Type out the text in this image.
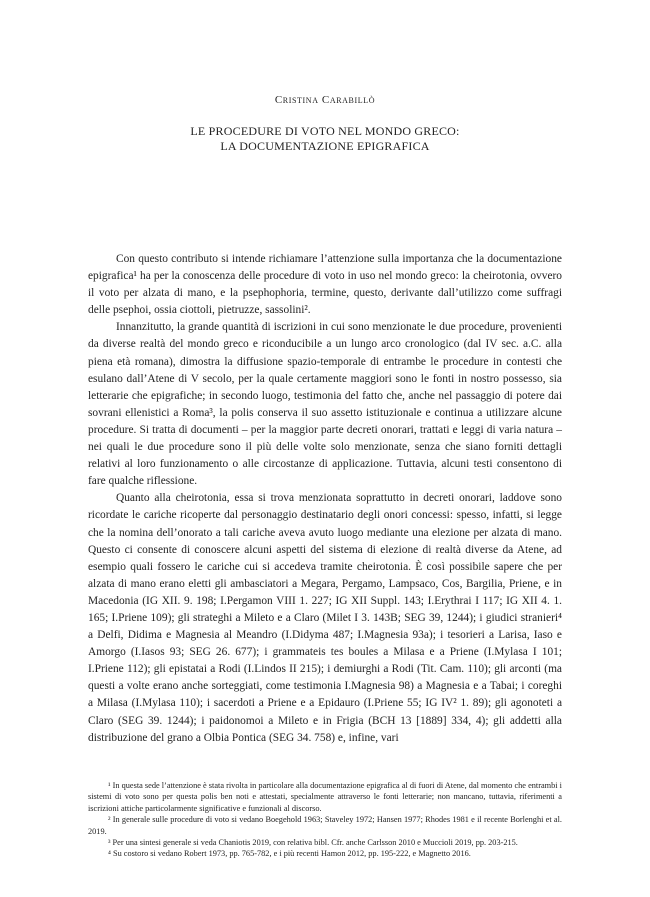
Cristina Carabillò
LE PROCEDURE DI VOTO NEL MONDO GRECO:
LA DOCUMENTAZIONE EPIGRAFICA

Con questo contributo si intende richiamare l’attenzione sulla importanza che la documentazione epigrafica¹ ha per la conoscenza delle procedure di voto in uso nel mondo greco: la cheirotonia, ovvero il voto per alzata di mano, e la psephophoria, termine, questo, derivante dall’utilizzo come suffragi delle psephoi, ossia ciottoli, pietruzze, sassolini².

Innanzitutto, la grande quantità di iscrizioni in cui sono menzionate le due procedure, provenienti da diverse realtà del mondo greco e riconducibile a un lungo arco cronologico (dal IV sec. a.C. alla piena età romana), dimostra la diffusione spazio-temporale di entrambe le procedure in contesti che esulano dall’Atene di V secolo, per la quale certamente maggiori sono le fonti in nostro possesso, sia letterarie che epigrafiche; in secondo luogo, testimonia del fatto che, anche nel passaggio di potere dai sovrani ellenistici a Roma³, la polis conserva il suo assetto istituzionale e continua a utilizzare alcune procedure. Si tratta di documenti – per la maggior parte decreti onorari, trattati e leggi di varia natura – nei quali le due procedure sono il più delle volte solo menzionate, senza che siano forniti dettagli relativi al loro funzionamento o alle circostanze di applicazione. Tuttavia, alcuni testi consentono di fare qualche riflessione.

Quanto alla cheirotonia, essa si trova menzionata soprattutto in decreti onorari, laddove sono ricordate le cariche ricoperte dal personaggio destinatario degli onori concessi: spesso, infatti, si legge che la nomina dell’onorato a tali cariche aveva avuto luogo mediante una elezione per alzata di mano. Questo ci consente di conoscere alcuni aspetti del sistema di elezione di realtà diverse da Atene, ad esempio quali fossero le cariche cui si accedeva tramite cheirotonia. È così possibile sapere che per alzata di mano erano eletti gli ambasciatori a Megara, Pergamo, Lampsaco, Cos, Bargilia, Priene, e in Macedonia (IG XII. 9. 198; I.Pergamon VIII 1. 227; IG XII Suppl. 143; I.Erythrai I 117; IG XII 4. 1. 165; I.Priene 109); gli strateghi a Mileto e a Claro (Milet I 3. 143B; SEG 39, 1244); i giudici stranieri⁴ a Delfi, Didima e Magnesia al Meandro (I.Didyma 487; I.Magnesia 93a); i tesorieri a Larisa, Iaso e Amorgo (I.Iasos 93; SEG 26. 677); i grammateis tes boules a Milasa e a Priene (I.Mylasa I 101; I.Priene 112); gli epistatai a Rodi (I.Lindos II 215); i demiurghi a Rodi (Tit. Cam. 110); gli arconti (ma questi a volte erano anche sorteggiati, come testimonia I.Magnesia 98) a Magnesia e a Tabai; i coreghi a Milasa (I.Mylasa 110); i sacerdoti a Priene e a Epidauro (I.Priene 55; IG IV² 1. 89); gli agonoteti a Claro (SEG 39. 1244); i paidonomoi a Mileto e in Frigia (BCH 13 [1889] 334, 4); gli addetti alla distribuzione del grano a Olbia Pontica (SEG 34. 758) e, infine, vari

¹ In questa sede l’attenzione è stata rivolta in particolare alla documentazione epigrafica al di fuori di Atene, dal momento che entrambi i sistemi di voto sono per questa polis ben noti e attestati, specialmente attraverso le fonti letterarie; non mancano, tuttavia, riferimenti a iscrizioni attiche particolarmente significative e funzionali al discorso.

² In generale sulle procedure di voto si vedano Boegehold 1963; Staveley 1972; Hansen 1977; Rhodes 1981 e il recente Borlenghi et al. 2019.

³ Per una sintesi generale si veda Chaniotis 2019, con relativa bibl. Cfr. anche Carlsson 2010 e Muccioli 2019, pp. 203-215.

⁴ Su costoro si vedano Robert 1973, pp. 765-782, e i più recenti Hamon 2012, pp. 195-222, e Magnetto 2016.
